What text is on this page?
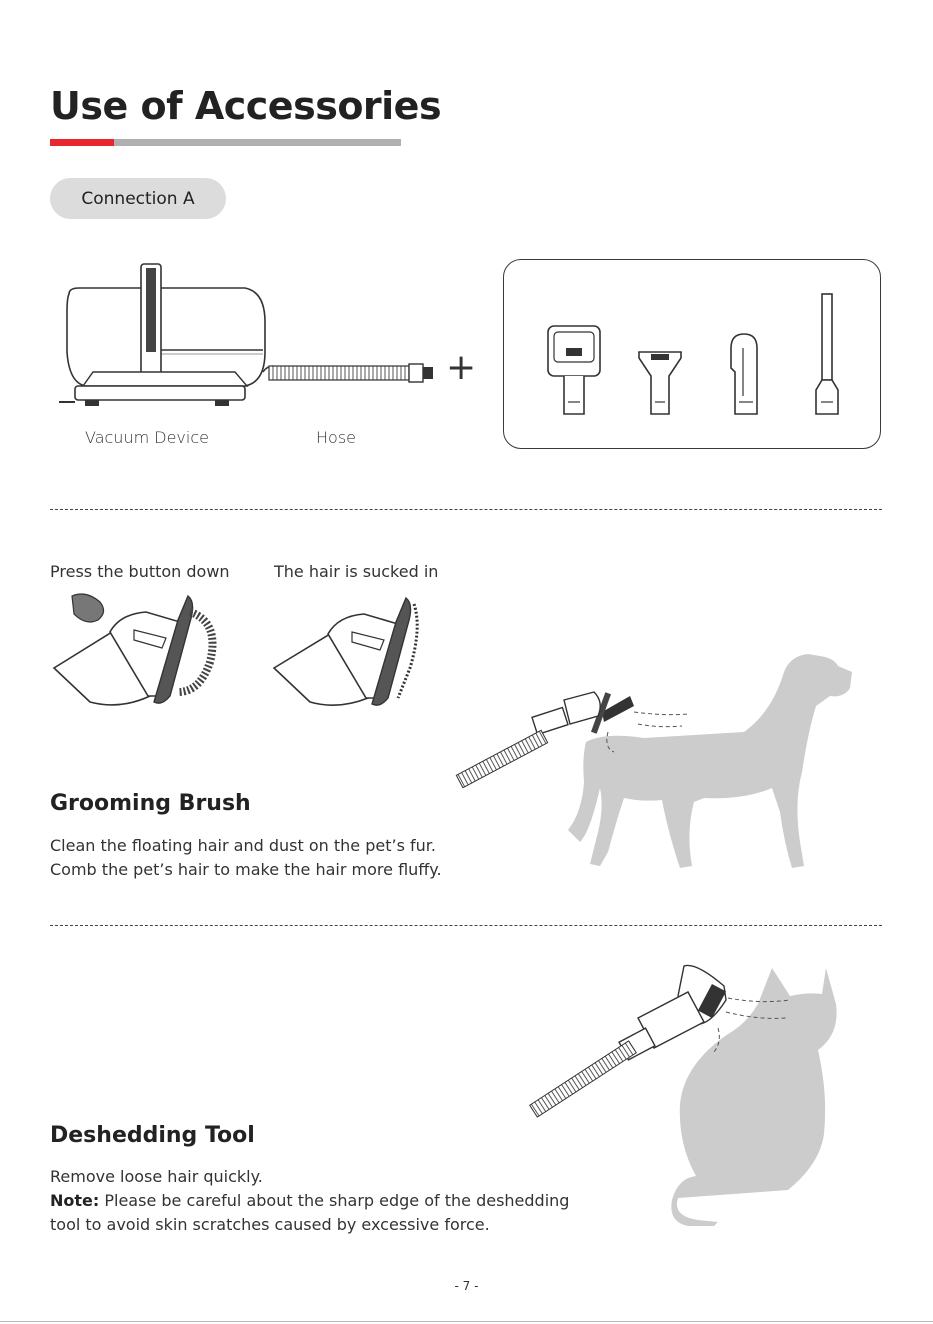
Use of Accessories
Connection A
Vacuum Device	Hose
+
Press the button down	The hair is sucked in
Grooming Brush
Clean the floating hair and dust on the pet’s fur.
Comb the pet’s hair to make the hair more fluffy.
Deshedding Tool
Remove loose hair quickly.
Note: Please be careful about the sharp edge of the deshedding
tool to avoid skin scratches caused by excessive force.
- 7 -
